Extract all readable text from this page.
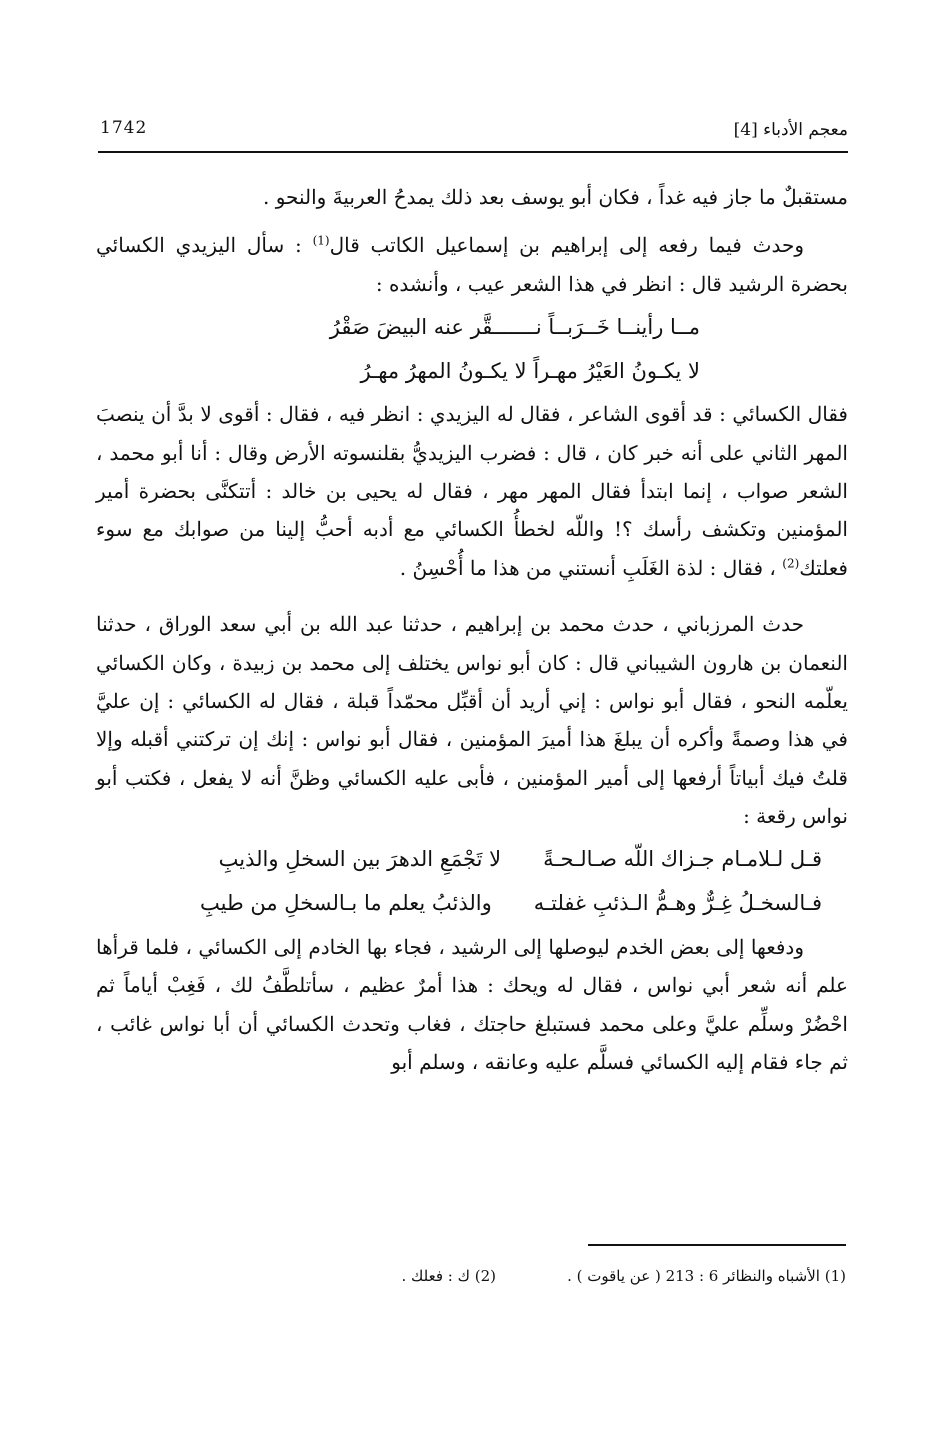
1742	معجم الأدباء [4]

مستقبلٌ ما جاز فيه غداً ، فكان أبو يوسف بعد ذلك يمدحُ العربيةَ والنحو .

وحدث فيما رفعه إلى إبراهيم بن إسماعيل الكاتب قال$^{(1)}$ : سأل اليزيدي الكسائي بحضرة الرشيد قال : انظر في هذا الشعر عيب ، وأنشده :

مــا رأينــا خَــرَبــاً نـــــــقَّر عنه البيضَ صَقْرُ
لا يكـونُ العَيْرُ مهـراً لا يكـونُ المهرُ مهـرُ

فقال الكسائي : قد أقوى الشاعر ، فقال له اليزيدي : انظر فيه ، فقال : أقوى لا بدَّ أن ينصبَ المهر الثاني على أنه خبر كان ، قال : فضرب اليزيديُّ بقلنسوته الأرض وقال : أنا أبو محمد ، الشعر صواب ، إنما ابتدأ فقال المهر مهر ، فقال له يحيى بن خالد : أتتكنَّى بحضرة أمير المؤمنين وتكشف رأسك ؟! واللّه لخطأُ الكسائي مع أدبه أحبُّ إلينا من صوابك مع سوء فعلتك$^{(2)}$ ، فقال : لذة الغَلَبِ أنستني من هذا ما أُحْسِنُ .

حدث المرزباني ، حدث محمد بن إبراهيم ، حدثنا عبد الله بن أبي سعد الوراق ، حدثنا النعمان بن هارون الشيباني قال : كان أبو نواس يختلف إلى محمد بن زبيدة ، وكان الكسائي يعلّمه النحو ، فقال أبو نواس : إني أريد أن أقبِّل محمّداً قبلة ، فقال له الكسائي : إن عليَّ في هذا وصمةً وأكره أن يبلغَ هذا أميرَ المؤمنين ، فقال أبو نواس : إنك إن تركتني أقبله وإلا قلتُ فيك أبياتاً أرفعها إلى أمير المؤمنين ، فأبى عليه الكسائي وظنَّ أنه لا يفعل ، فكتب أبو نواس رقعة :

قـل لـلامـام جـزاك اللّه صـالـحـةً
لا تَجْمَعِ الدهرَ بين السخلِ والذيبِ
فـالسخـلُ غِـرٌّ وهـمُّ الـذئبِ غفلتـه
والذئبُ يعلم ما بـالسخلِ من طيبِ

ودفعها إلى بعض الخدم ليوصلها إلى الرشيد ، فجاء بها الخادم إلى الكسائي ، فلما قرأها علم أنه شعر أبي نواس ، فقال له ويحك : هذا أمرٌ عظيم ، سأتلطَّفُ لك ، فَغِبْ أياماً ثم احْضُرْ وسلِّم عليَّ وعلى محمد فستبلغ حاجتك ، فغاب وتحدث الكسائي أن أبا نواس غائب ، ثم جاء فقام إليه الكسائي فسلَّم عليه وعانقه ، وسلم أبو

(1) الأشباه والنظائر 6 : 213 ( عن ياقوت ) .
(2) ك : فعلك .
